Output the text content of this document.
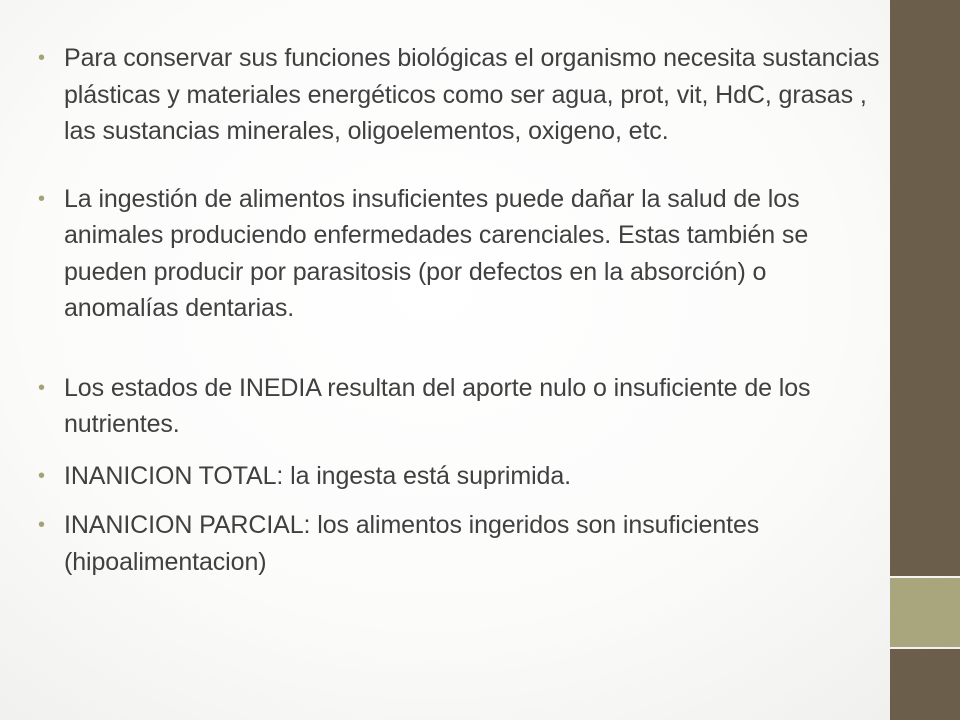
• Para conservar sus funciones biológicas el organismo necesita sustancias plásticas y materiales energéticos como ser agua, prot, vit, HdC, grasas , las sustancias minerales, oligoelementos, oxigeno, etc.
• La ingestión de alimentos insuficientes puede dañar la salud de los animales produciendo enfermedades carenciales. Estas también se pueden producir por parasitosis (por defectos en la absorción) o anomalías dentarias.
• Los estados de INEDIA resultan del aporte nulo o insuficiente de los nutrientes.
• INANICION TOTAL: la ingesta está suprimida.
• INANICION PARCIAL: los alimentos ingeridos son insuficientes (hipoalimentacion)
